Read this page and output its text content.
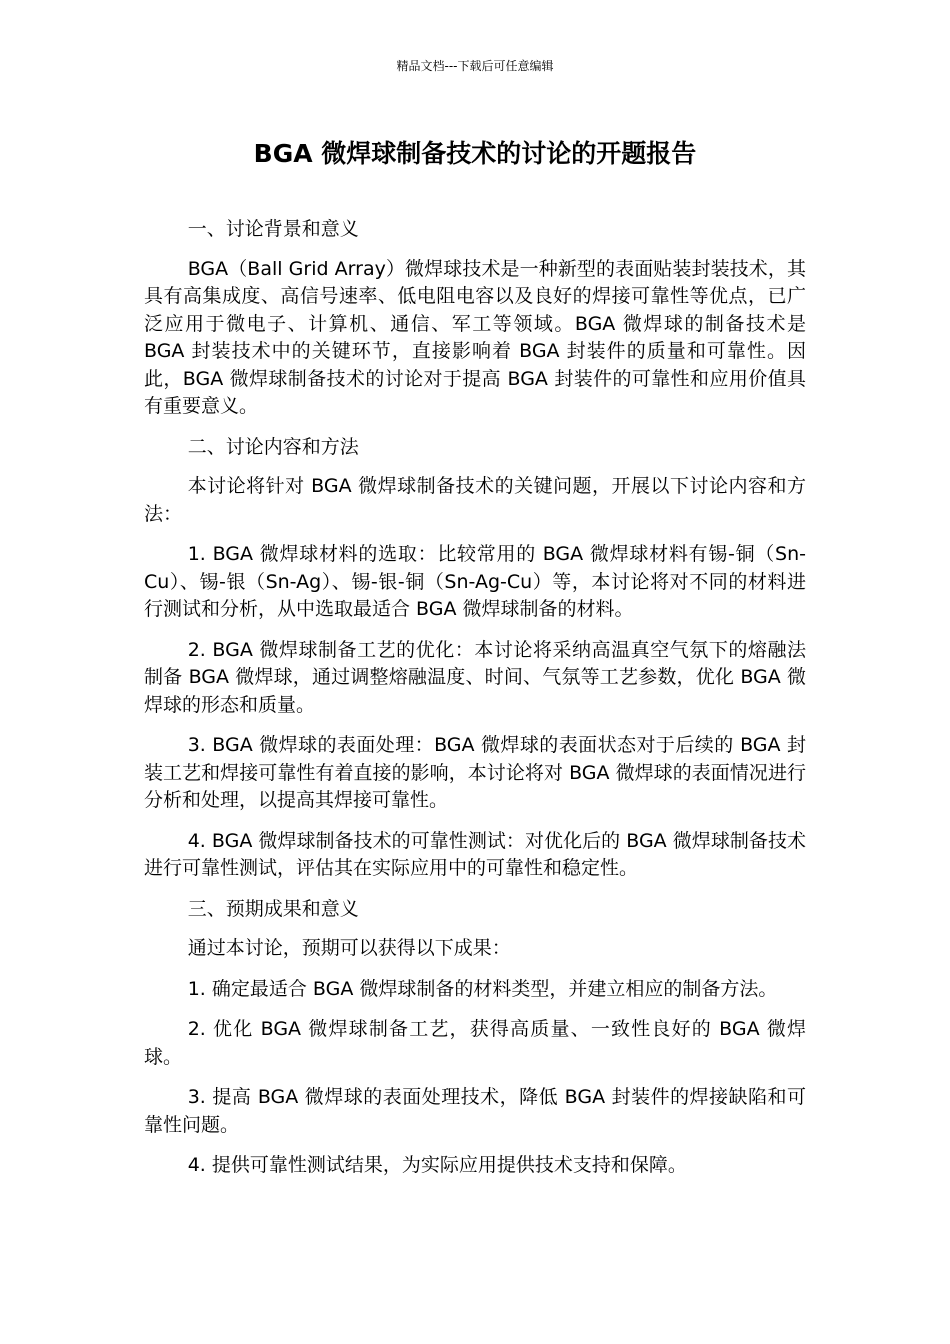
精品文档---下载后可任意编辑
BGA 微焊球制备技术的讨论的开题报告

一、讨论背景和意义

BGA（Ball Grid Array）微焊球技术是一种新型的表面贴装封装技术，其具有高集成度、高信号速率、低电阻电容以及良好的焊接可靠性等优点，已广泛应用于微电子、计算机、通信、军工等领域。BGA 微焊球的制备技术是 BGA 封装技术中的关键环节，直接影响着 BGA 封装件的质量和可靠性。因此，BGA 微焊球制备技术的讨论对于提高 BGA 封装件的可靠性和应用价值具有重要意义。

二、讨论内容和方法

本讨论将针对 BGA 微焊球制备技术的关键问题，开展以下讨论内容和方法：

1. BGA 微焊球材料的选取：比较常用的 BGA 微焊球材料有锡-铜（Sn-Cu）、锡-银（Sn-Ag）、锡-银-铜（Sn-Ag-Cu）等，本讨论将对不同的材料进行测试和分析，从中选取最适合 BGA 微焊球制备的材料。

2. BGA 微焊球制备工艺的优化：本讨论将采纳高温真空气氛下的熔融法制备 BGA 微焊球，通过调整熔融温度、时间、气氛等工艺参数，优化 BGA 微焊球的形态和质量。

3. BGA 微焊球的表面处理：BGA 微焊球的表面状态对于后续的 BGA 封装工艺和焊接可靠性有着直接的影响，本讨论将对 BGA 微焊球的表面情况进行分析和处理，以提高其焊接可靠性。

4. BGA 微焊球制备技术的可靠性测试：对优化后的 BGA 微焊球制备技术进行可靠性测试，评估其在实际应用中的可靠性和稳定性。

三、预期成果和意义

通过本讨论，预期可以获得以下成果：

1. 确定最适合 BGA 微焊球制备的材料类型，并建立相应的制备方法。

2. 优化 BGA 微焊球制备工艺，获得高质量、一致性良好的 BGA 微焊球。

3. 提高 BGA 微焊球的表面处理技术，降低 BGA 封装件的焊接缺陷和可靠性问题。

4. 提供可靠性测试结果，为实际应用提供技术支持和保障。
